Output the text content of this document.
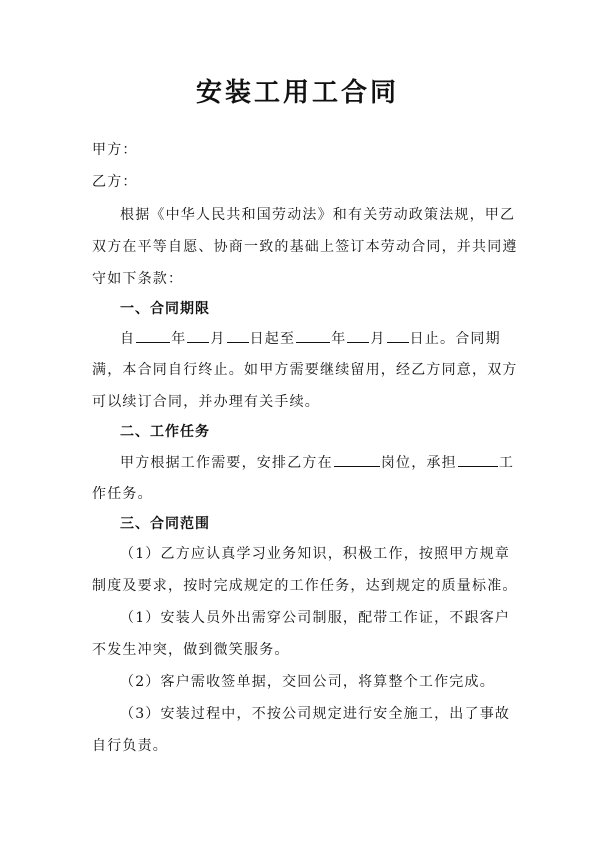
安装工用工合同
甲方：
乙方：
根据《中华人民共和国劳动法》和有关劳动政策法规，甲乙
双方在平等自愿、协商一致的基础上签订本劳动合同，并共同遵
守如下条款：
一、合同期限
自	年 月 日起至	年 月 日止。合同期
满，本合同自行终止。如甲方需要继续留用，经乙方同意，双方
可以续订合同，并办理有关手续。
二、工作任务
甲方根据工作需要，安排乙方在	岗位，承担	工
作任务。
三、合同范围
（1）乙方应认真学习业务知识，积极工作，按照甲方规章
制度及要求，按时完成规定的工作任务，达到规定的质量标准。
（1）安装人员外出需穿公司制服，配带工作证，不跟客户
不发生冲突，做到微笑服务。
（2）客户需收签单据，交回公司，将算整个工作完成。
（3）安装过程中，不按公司规定进行安全施工，出了事故
自行负责。
